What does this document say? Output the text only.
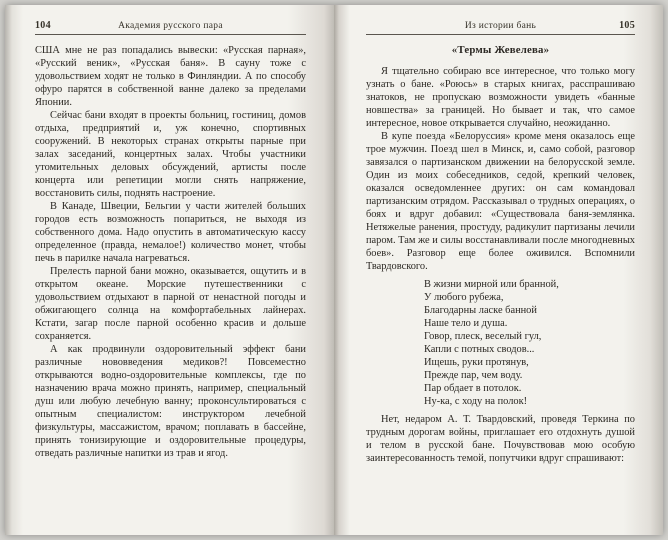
104	Академия русского пара

США мне не раз попадались вывески: «Русская парная», «Русский веник», «Русская баня». В сауну тоже с удовольствием ходят не только в Финляндии. А по способу офуро парятся в собственной ванне далеко за пределами Японии.

Сейчас бани входят в проекты больниц, гостиниц, домов отдыха, предприятий и, уж конечно, спортивных сооружений. В некоторых странах открыты парные при залах заседаний, концертных залах. Чтобы участники утомительных деловых обсуждений, артисты после концерта или репетиции могли снять напряжение, восстановить силы, поднять настроение.

В Канаде, Швеции, Бельгии у части жителей больших городов есть возможность попариться, не выходя из собственного дома. Надо опустить в автоматическую кассу определенное (правда, немалое!) количество монет, чтобы печь в парилке начала нагреваться.

Прелесть парной бани можно, оказывается, ощутить и в открытом океане. Морские путешественники с удовольствием отдыхают в парной от ненастной погоды и обжигающего солнца на комфортабельных лайнерах. Кстати, загар после парной особенно красив и дольше сохраняется.

А как продвинули оздоровительный эффект бани различные нововведения медиков?! Повсеместно открываются водно-оздоровительные комплексы, где по назначению врача можно принять, например, специальный душ или любую лечебную ванну; проконсультироваться с опытным специалистом: инструктором лечебной физкультуры, массажистом, врачом; поплавать в бассейне, принять тонизирующие и оздоровительные процедуры, отведать различные напитки из трав и ягод.

Из истории бань	105
«Термы Жевелева»

Я тщательно собираю все интересное, что только могу узнать о бане. «Роюсь» в старых книгах, расспрашиваю знатоков, не пропускаю возможности увидеть «банные новшества» за границей. Но бывает и так, что самое интересное, новое открывается случайно, неожиданно.

В купе поезда «Белоруссия» кроме меня оказалось еще трое мужчин. Поезд шел в Минск, и, само собой, разговор завязался о партизанском движении на белорусской земле. Один из моих собеседников, седой, крепкий человек, оказался осведомленнее других: он сам командовал партизанским отрядом. Рассказывал о трудных операциях, о боях и вдруг добавил: «Существовала баня-землянка. Нетяжелые ранения, простуду, радикулит партизаны лечили паром. Там же и силы восстанавливали после многодневных боев». Разговор еще более оживился. Вспомнили Твардовского.

В жизни мирной или бранной,
У любого рубежа,
Благодарны ласке банной
Наше тело и душа.
Говор, плеск, веселый гул,
Капли с потных сводов...
Ищешь, руки протянув,
Прежде пар, чем воду.
Пар обдает в потолок.
Ну-ка, с ходу на полок!

Нет, недаром А. Т. Твардовский, проведя Теркина по трудным дорогам войны, приглашает его отдохнуть душой и телом в русской бане. Почувствовав мою особую заинтересованность темой, попутчики вдруг спрашивают:
